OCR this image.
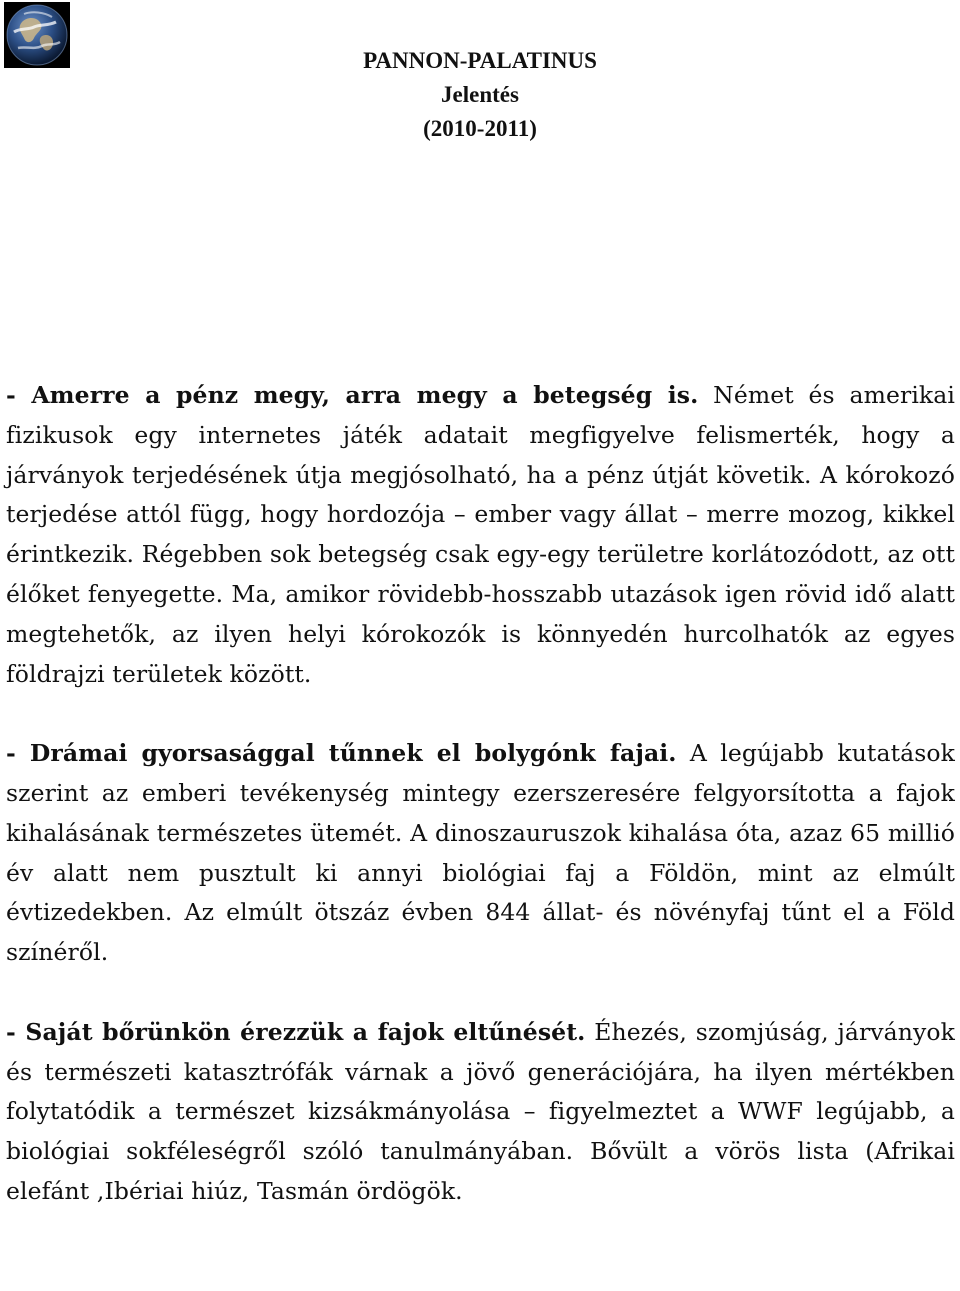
PANNON-PALATINUS
Jelentés
(2010-2011)

- Amerre a pénz megy, arra megy a betegség is. Német és amerikai fizikusok egy internetes játék adatait megfigyelve felismerték, hogy a járványok terjedésének útja megjósolható, ha a pénz útját követik. A kórokozó terjedése attól függ, hogy hordozója – ember vagy állat – merre mozog, kikkel érintkezik. Régebben sok betegség csak egy-egy területre korlátozódott, az ott élőket fenyegette. Ma, amikor rövidebb-hosszabb utazások igen rövid idő alatt megtehetők, az ilyen helyi kórokozók is könnyedén hurcolhatók az egyes földrajzi területek között.

- Drámai gyorsasággal tűnnek el bolygónk fajai. A legújabb kutatások szerint az emberi tevékenység mintegy ezerszeresére felgyorsította a fajok kihalásának természetes ütemét. A dinoszauruszok kihalása óta, azaz 65 millió év alatt nem pusztult ki annyi biológiai faj a Földön, mint az elmúlt évtizedekben. Az elmúlt ötszáz évben 844 állat- és növényfaj tűnt el a Föld színéről.

- Saját bőrünkön érezzük a fajok eltűnését. Éhezés, szomjúság, járványok és természeti katasztrófák várnak a jövő generációjára, ha ilyen mértékben folytatódik a természet kizsákmányolása – figyelmeztet a WWF legújabb, a biológiai sokféleségről szóló tanulmányában. Bővült a vörös lista (Afrikai elefánt ,Ibériai hiúz, Tasmán ördögök.
